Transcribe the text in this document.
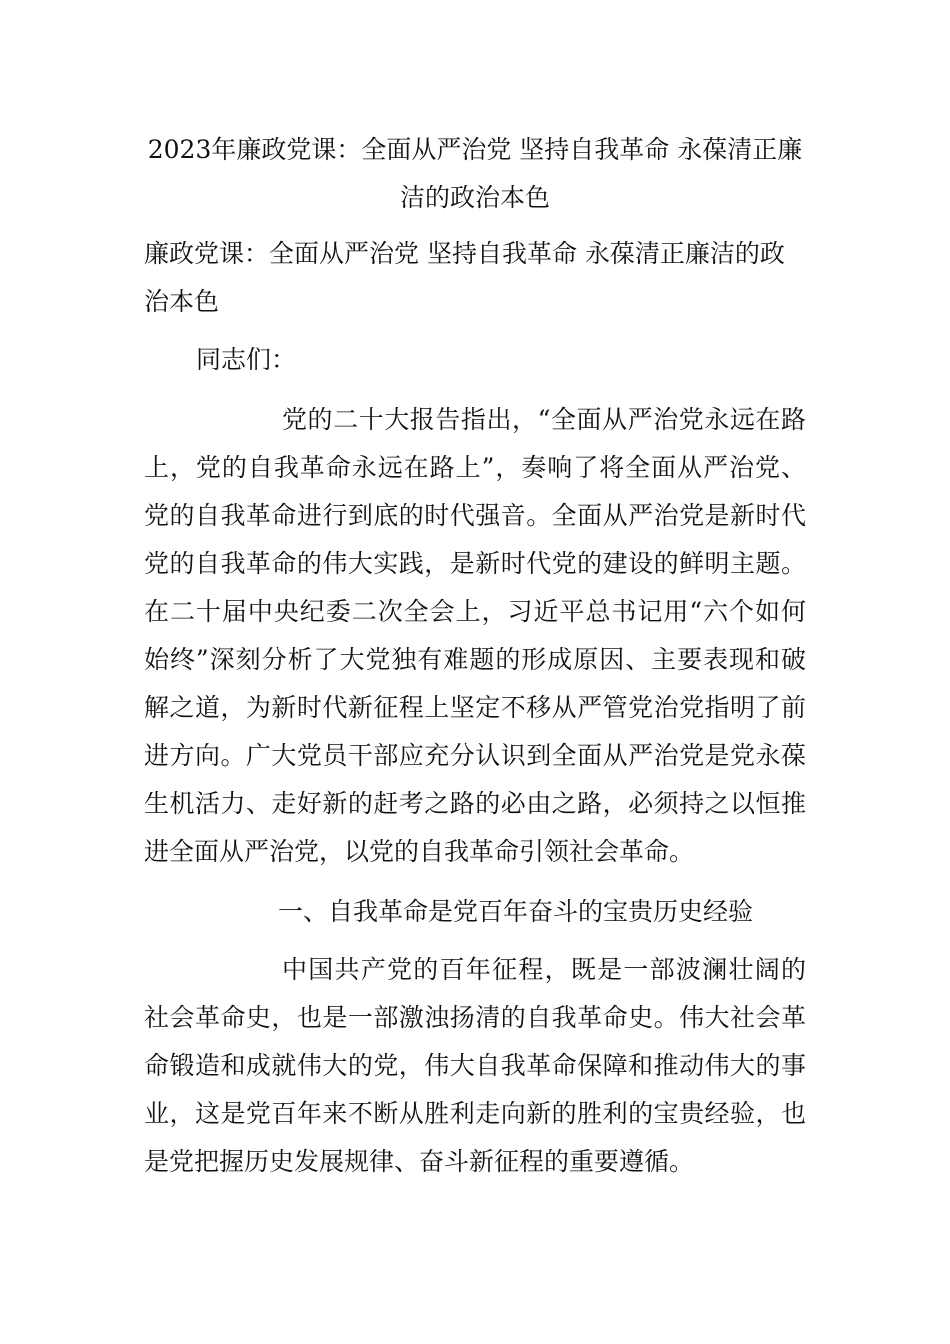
2023年廉政党课：全面从严治党 坚持自我革命 永葆清正廉洁的政治本色

廉政党课：全面从严治党 坚持自我革命 永葆清正廉洁的政治本色

同志们：

党的二十大报告指出，“全面从严治党永远在路上，党的自我革命永远在路上”，奏响了将全面从严治党、党的自我革命进行到底的时代强音。全面从严治党是新时代党的自我革命的伟大实践，是新时代党的建设的鲜明主题。在二十届中央纪委二次全会上，习近平总书记用“六个如何始终”深刻分析了大党独有难题的形成原因、主要表现和破解之道，为新时代新征程上坚定不移从严管党治党指明了前进方向。广大党员干部应充分认识到全面从严治党是党永葆生机活力、走好新的赶考之路的必由之路，必须持之以恒推进全面从严治党，以党的自我革命引领社会革命。

一、自我革命是党百年奋斗的宝贵历史经验

中国共产党的百年征程，既是一部波澜壮阔的社会革命史，也是一部激浊扬清的自我革命史。伟大社会革命锻造和成就伟大的党，伟大自我革命保障和推动伟大的事业，这是党百年来不断从胜利走向新的胜利的宝贵经验，也是党把握历史发展规律、奋斗新征程的重要遵循。
